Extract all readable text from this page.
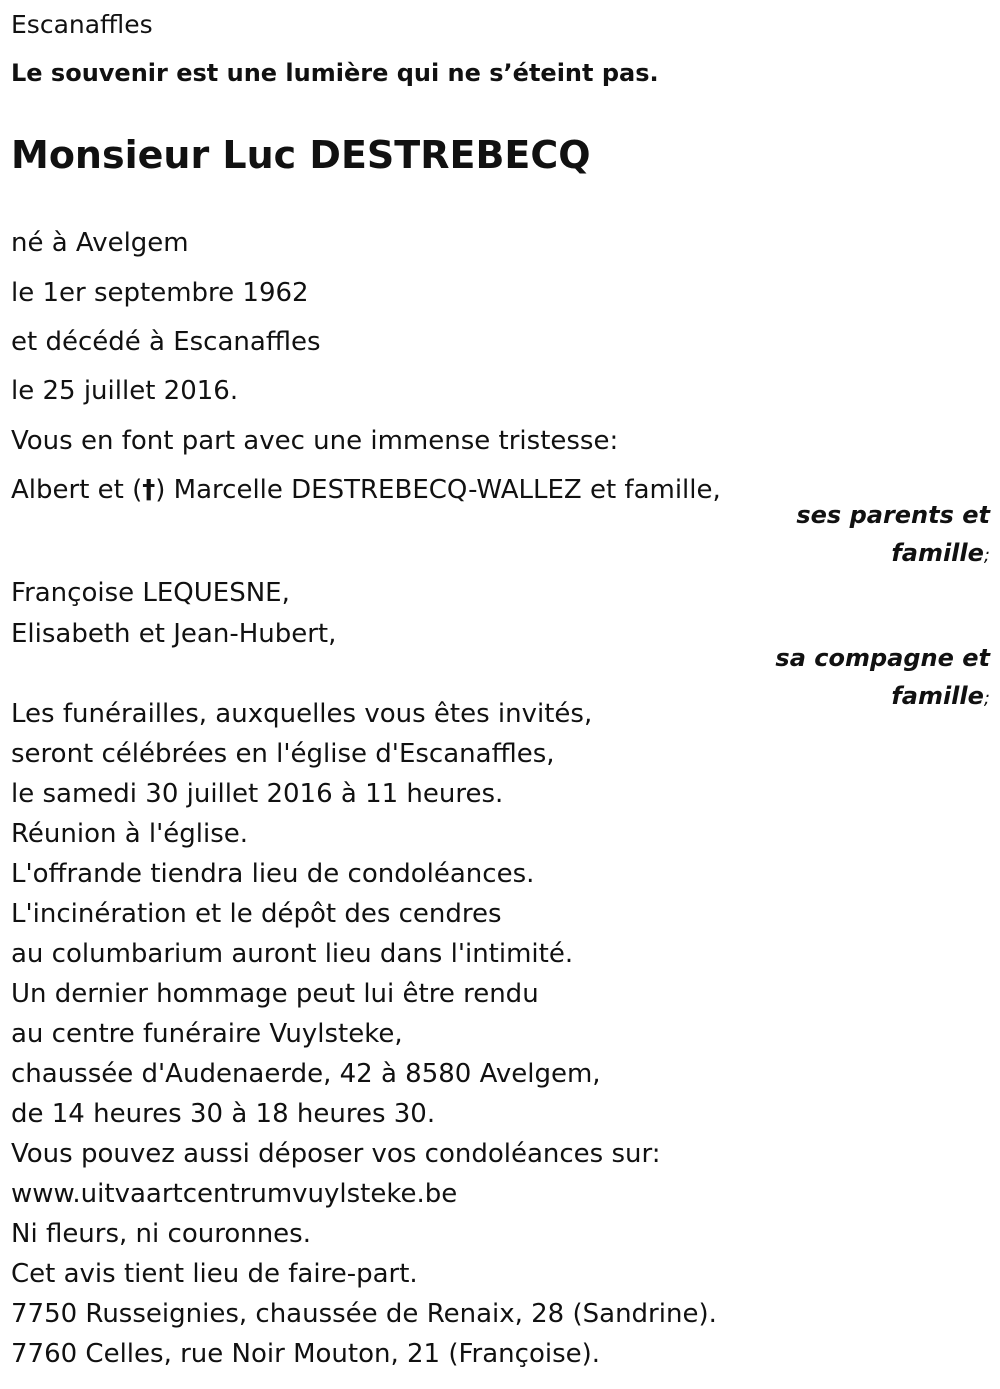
Escanaffles

Le souvenir est une lumière qui ne s’éteint pas.

Monsieur Luc DESTREBECQ

né à Avelgem

le 1er septembre 1962

et décédé à Escanaffles

le 25 juillet 2016.

Vous en font part avec une immense tristesse:

Albert et (†) Marcelle DESTREBECQ-WALLEZ et famille,

ses parents et
famille;

Françoise LEQUESNE,

Elisabeth et Jean-Hubert,

sa compagne et
famille;

Les funérailles, auxquelles vous êtes invités,

seront célébrées en l'église d'Escanaffles,

le samedi 30 juillet 2016 à 11 heures.

Réunion à l'église.

L'offrande tiendra lieu de condoléances.

L'incinération et le dépôt des cendres

au columbarium auront lieu dans l'intimité.

Un dernier hommage peut lui être rendu

au centre funéraire Vuylsteke,

chaussée d'Audenaerde, 42 à 8580 Avelgem,

de 14 heures 30 à 18 heures 30.

Vous pouvez aussi déposer vos condoléances sur:

www.uitvaartcentrumvuylsteke.be

Ni fleurs, ni couronnes.

Cet avis tient lieu de faire-part.

7750 Russeignies, chaussée de Renaix, 28 (Sandrine).

7760 Celles, rue Noir Mouton, 21 (Françoise).
